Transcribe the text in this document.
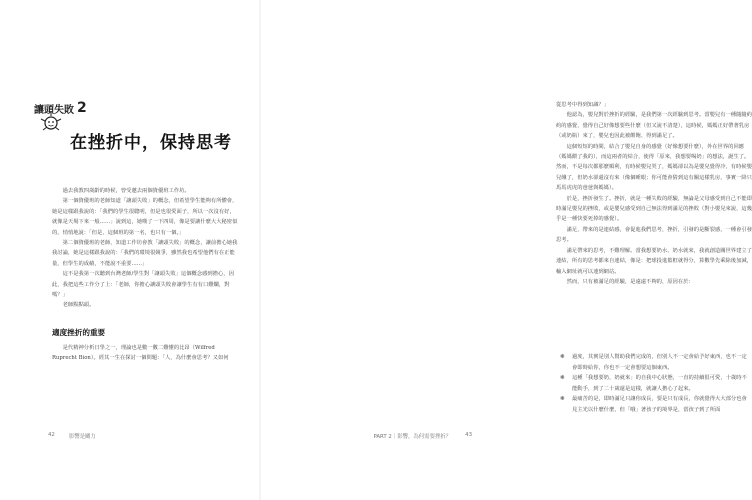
讓頭失敗 2
在挫折中，保持思考

過去我教四歲齡的時候，曾受邀去兩個資優班工作坊。

第一個資優班的老師知道「讓頭失敗」的概念，但希望學生能夠有所體會，她是這樣跟我說的：「我們的學生很聰明，但是也很愛面子，所以一次沒有好，就像是天場下來一般……」說到這，她嘆了一下四周，像是要讓什麼大大秘密似的，悄悄地說：「但是，這個班的第一名，也只有一個。」

第二個資優班的老師，知道工作坊會教「讓頭失敗」的概念，讓前擔心她我我討論，她是這樣跟我說的：「我們的環境很競爭，雖然我也希望他們有在正能量，但學生的成績，不能說不重要……」

這不是我第一次聽到台灣老師/學生對「讓頭失敗」這個概念感到擔心，因此，我把這些工作分了上：「老師，你擔心讓頭失敗會讓學生有有口難爛，對嗎？」

老師點點頭。

適度挫折的重要

是代精神分析日學之一，理論也是數一數二難懂的比昂（Wilfred Ruprecht Bion）。經其一生在探討一個問題：「人，為什麼會思考？又如何

42	影響是關力

從思考中得到知識？」

他認為，嬰兒對於挫折的經驗，是我們第一次經驗到思考。當嬰兒有一種隨隨約約的感覺，覺得自己好像想要些什麼（但又說不清楚），這時候，媽媽正好帶著乳房（或奶瓶）來了，嬰兒也因此被餵飽、得到滿足了。

這個短短的時間，結合了嬰兒自身的感覺（好像想要什麼），外在世界的回應（媽媽餵了我的），而這兩者的結合，使得「原來，我想要喝奶」的想法，誕生了。然而，不是每次都那麼順利，有時候嬰兒哭了，媽媽卻以為是嬰兒覺得冷，有時候嬰兒餓了，但奶水卻還沒有來（像個睡眼；你可能會猜到這有關這樣乳房，事實一降只馬馬虎虎的爸爸與媽媽）。

於是，挫折發生了。挫折，就是一種失敗的經驗，無論是父母感受到自己不能即時滿足嬰兒的挫敗，或是嬰兒感受到自己無法得到滿足的挫敗（對小嬰兒來說，這幾乎是一種快要死掉的感覺）。

滿足，帶來的是連結感，會促進我們思考，挫折，引發的是斷裂感，一種會引發思考。

滿足帶來的思考，不難理解。當我想要奶水，奶水就來，我就創造關世界建立了連結，所有的思考都來自連結，像是：把球投進籃框就得分，算數學先乘除後加減，輸入網址就可以連到網站。

然而，只有被滿足的經驗，是遠遠不夠的，原因在於：

❋ 過度，其實是別人幫助我們完成的，但別人不一定會給予好東西，也不一定會即時給你，你也不一定會想要這個東西。
❋ 這種「我想要奶，奶就來」的自我中心狀態，一直的持續很可愛，十歲時不能動手，到了二十歲還是這樣，就讓人擔心了起來。
❋ 最痛苦的是，即時滿足只讓你成長，要是只有成長，你就覺得大大部分也會見主光以什麼什麼，但「哦」著孩子的境界是，當孩子到了所面
PART 2｜影響，為何需要挫折？	43
